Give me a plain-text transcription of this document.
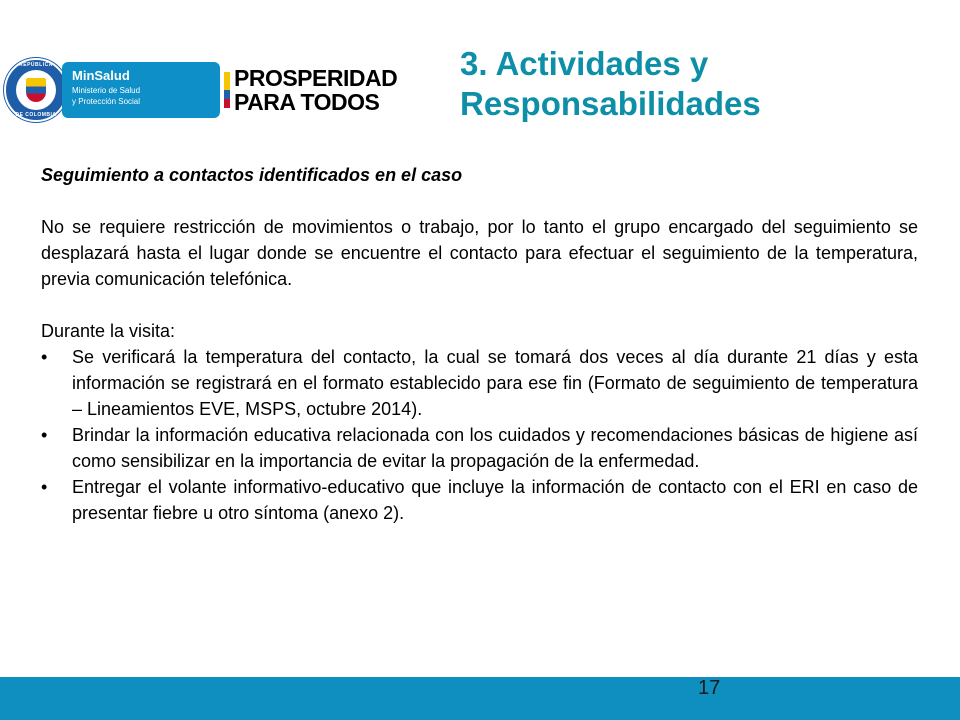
REPÚBLICA
DE COLOMBIA
MinSalud
Ministerio de Salud
y Protección Social
PROSPERIDAD
PARA TODOS
3. Actividades y
Responsabilidades

Seguimiento a contactos identificados en el caso

No se requiere restricción de movimientos o trabajo, por lo tanto el grupo encargado del seguimiento se desplazará hasta el lugar donde se encuentre el contacto para efectuar el seguimiento de la temperatura, previa comunicación telefónica.

Durante la visita:

• Se verificará la temperatura del contacto, la cual se tomará dos veces al día durante 21 días y esta información se registrará en el formato establecido para ese fin (Formato de seguimiento de temperatura – Lineamientos EVE, MSPS, octubre 2014).
• Brindar la información educativa relacionada con los cuidados y recomendaciones básicas de higiene así como sensibilizar en la importancia de evitar la propagación de la enfermedad.
• Entregar el volante informativo-educativo que incluye la información de contacto con el ERI en caso de presentar fiebre u otro síntoma (anexo 2).
17
